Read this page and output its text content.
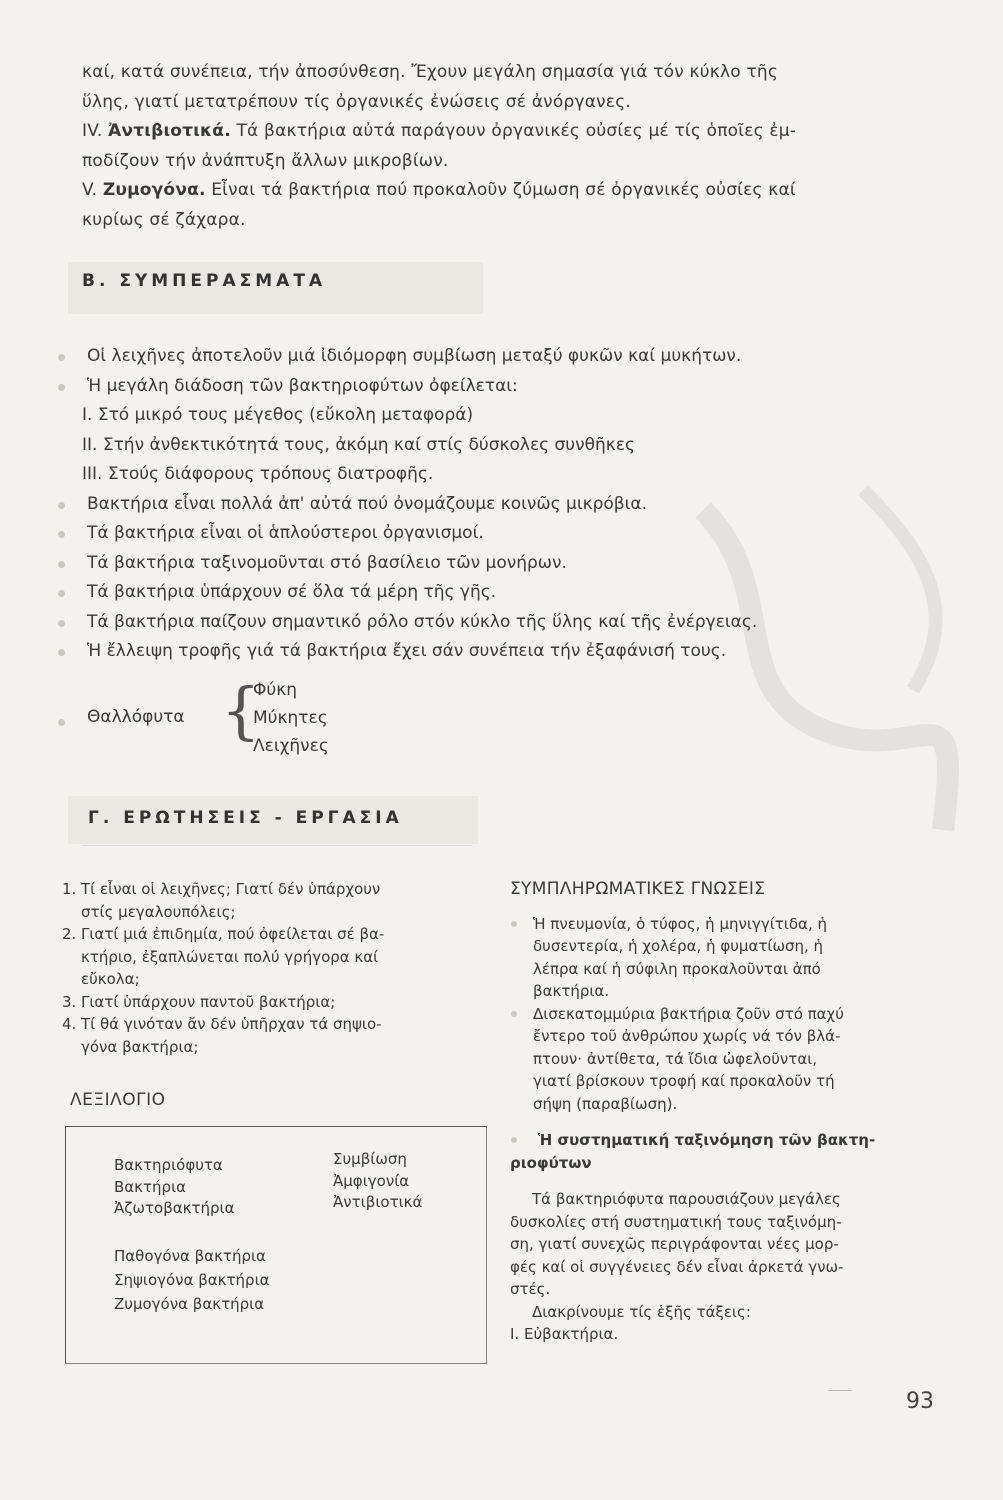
καί, κατά συνέπεια, τήν ἀποσύνθεση. Ἔχουν μεγάλη σημασία γιά τόν κύκλο τῆς

ὕλης, γιατί μετατρέπουν τίς ὀργανικές ἐνώσεις σέ ἀνόργανες.

IV. Ἀντιβιοτικά. Τά βακτήρια αὐτά παράγουν ὀργανικές οὐσίες μέ τίς ὁποῖες ἐμ-

ποδίζουν τήν ἀνάπτυξη ἄλλων μικροβίων.

V. Ζυμογόνα. Εἶναι τά βακτήρια πού προκαλοῦν ζύμωση σέ ὀργανικές οὐσίες καί

κυρίως σέ ζάχαρα.

Β. ΣΥΜΠΕΡΑΣΜΑΤΑ
Οἱ λειχῆνες ἀποτελοῦν μιά ἰδιόμορφη συμβίωση μεταξύ φυκῶν καί μυκήτων.
Ἡ μεγάλη διάδοση τῶν βακτηριοφύτων ὀφείλεται:
I. Στό μικρό τους μέγεθος (εὔκολη μεταφορά)
II. Στήν ἀνθεκτικότητά τους, ἀκόμη καί στίς δύσκολες συνθῆκες
III. Στούς διάφορους τρόπους διατροφῆς.
Βακτήρια εἶναι πολλά ἀπ' αὐτά πού ὀνομάζουμε κοινῶς μικρόβια.
Τά βακτήρια εἶναι οἱ ἁπλούστεροι ὀργανισμοί.
Τά βακτήρια ταξινομοῦνται στό βασίλειο τῶν μονήρων.
Τά βακτήρια ὑπάρχουν σέ ὅλα τά μέρη τῆς γῆς.
Τά βακτήρια παίζουν σημαντικό ρόλο στόν κύκλο τῆς ὕλης καί τῆς ἐνέργειας.
Ἡ ἔλλειψη τροφῆς γιά τά βακτήρια ἔχει σάν συνέπεια τήν ἐξαφάνισή τους.
Θαλλόφυτα {
Φύκη
Μύκητες
Λειχῆνες
Γ. ΕΡΩΤΗΣΕΙΣ - ΕΡΓΑΣΙΑ
1. Τί εἶναι οἱ λειχῆνες; Γιατί δέν ὑπάρχουν
στίς μεγαλουπόλεις;
2. Γιατί μιά ἐπιδημία, πού ὀφείλεται σέ βα-
κτήριο, ἐξαπλώνεται πολύ γρήγορα καί
εὔκολα;
3. Γιατί ὑπάρχουν παντοῦ βακτήρια;
4. Τί θά γινόταν ἄν δέν ὑπῆρχαν τά σηψιο-
γόνα βακτήρια;
ΛΕΞΙΛΟΓΙΟ
Βακτηριόφυτα
Βακτήρια
Ἀζωτοβακτήρια
Συμβίωση
Ἀμφιγονία
Ἀντιβιοτικά
Παθογόνα βακτήρια
Σηψιογόνα βακτήρια
Ζυμογόνα βακτήρια
ΣΥΜΠΛΗΡΩΜΑΤΙΚΕΣ ΓΝΩΣΕΙΣ
Ἡ πνευμονία, ὁ τύφος, ἡ μηνιγγίτιδα, ἡ
δυσεντερία, ἡ χολέρα, ἡ φυματίωση, ἡ
λέπρα καί ἡ σύφιλη προκαλοῦνται ἀπό
βακτήρια.
Δισεκατομμύρια βακτήρια ζοῦν στό παχύ
ἔντερο τοῦ ἀνθρώπου χωρίς νά τόν βλά-
πτουν· ἀντίθετα, τά ἴδια ὠφελοῦνται,
γιατί βρίσκουν τροφή καί προκαλοῦν τή
σήψη (παραβίωση).
Ἡ συστηματική ταξινόμηση τῶν βακτη-
ριοφύτων
Τά βακτηριόφυτα παρουσιάζουν μεγάλες
δυσκολίες στή συστηματική τους ταξινόμη-
ση, γιατί συνεχῶς περιγράφονται νέες μορ-
φές καί οἱ συγγένειες δέν εἶναι ἀρκετά γνω-
στές.
Διακρίνουμε τίς ἑξῆς τάξεις:
I. Εὐβακτήρια.
93
